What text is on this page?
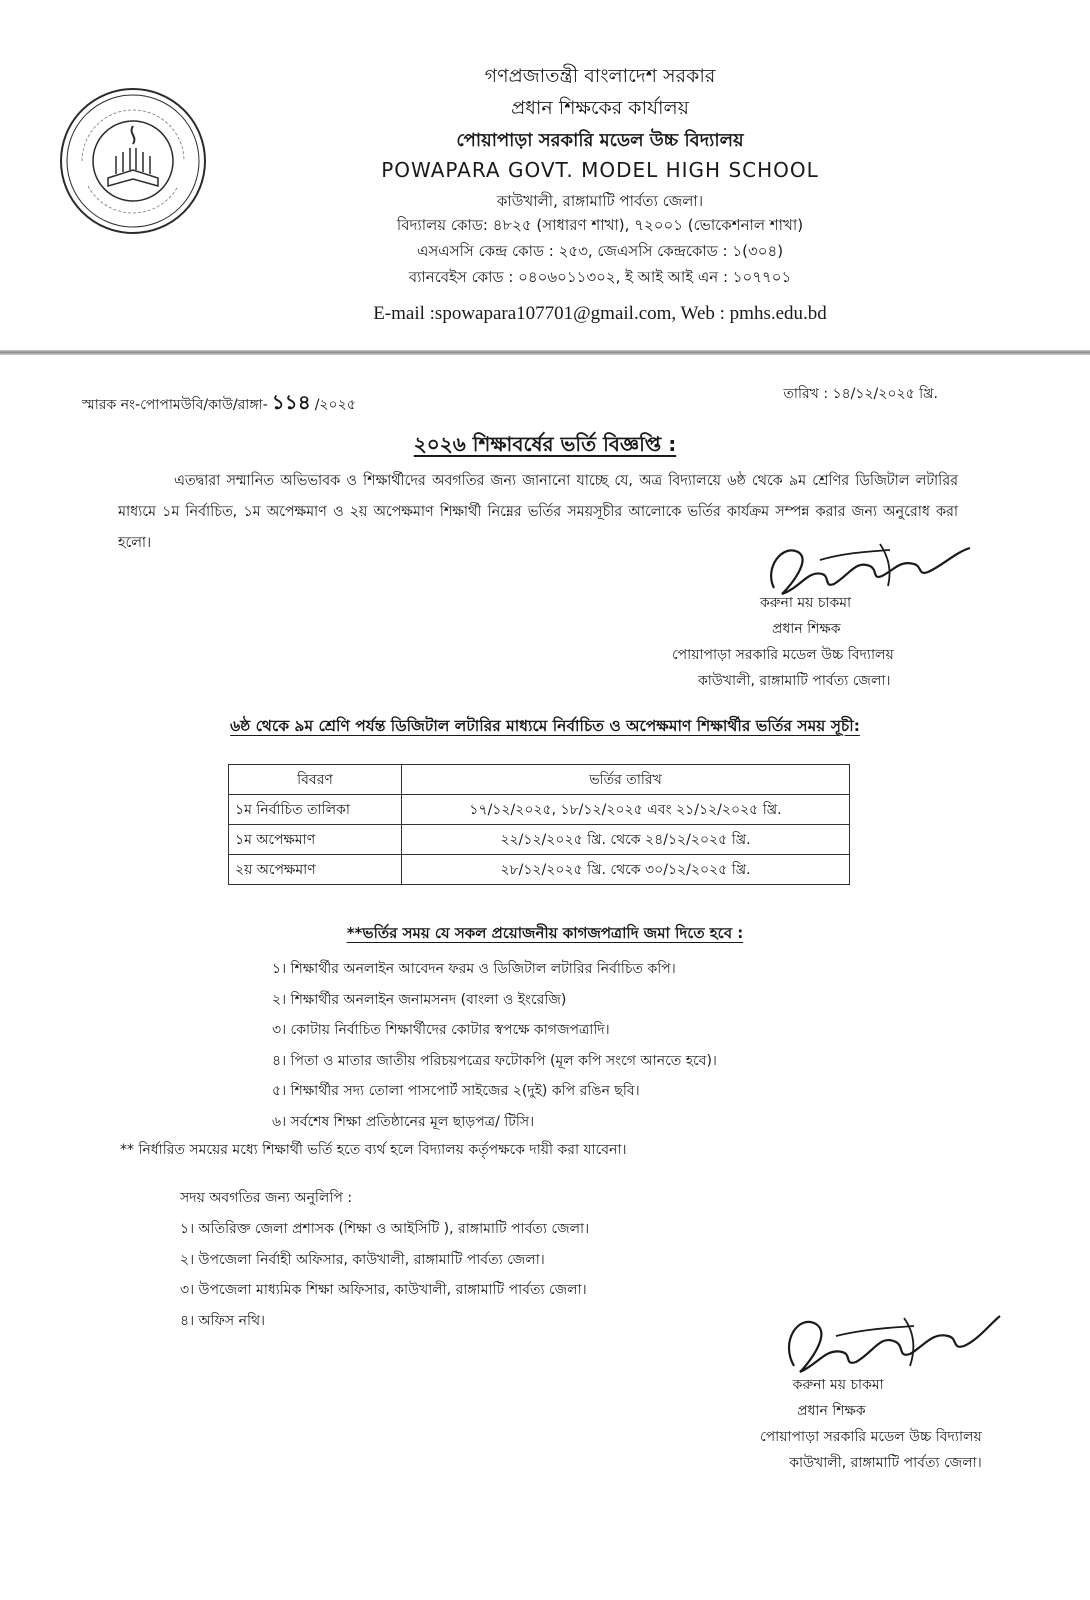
গণপ্রজাতন্ত্রী বাংলাদেশ সরকার
প্রধান শিক্ষকের কার্যালয়
পোয়াপাড়া সরকারি মডেল উচ্চ বিদ্যালয়
POWAPARA GOVT. MODEL HIGH SCHOOL
কাউখালী, রাঙ্গামাটি পার্বত্য জেলা।
বিদ্যালয় কোড: ৪৮২৫ (সাধারণ শাখা), ৭২০০১ (ভোকেশনাল শাখা)
এসএসসি কেন্দ্র কোড : ২৫৩, জেএসসি কেন্দ্রকোড : ১(৩০৪)
ব্যানবেইস কোড : ০৪০৬০১১৩০২, ই আই আই এন : ১০৭৭০১
E-mail :spowapara107701@gmail.com, Web : pmhs.edu.bd
স্মারক নং-পোপামউবি/কাউ/রাঙ্গা- ১১৪ /২০২৫
তারিখ : ১৪/১২/২০২৫ খ্রি.
২০২৬ শিক্ষাবর্ষের ভর্তি বিজ্ঞপ্তি :
এতদ্বারা সম্মানিত অভিভাবক ও শিক্ষার্থীদের অবগতির জন্য জানানো যাচ্ছে যে, অত্র বিদ্যালয়ে ৬ষ্ঠ থেকে ৯ম শ্রেণির ডিজিটাল লটারির মাধ্যমে ১ম নির্বাচিত, ১ম অপেক্ষমাণ ও ২য় অপেক্ষমাণ শিক্ষার্থী নিম্নের ভর্তির সময়সূচীর আলোকে ভর্তির কার্যক্রম সম্পন্ন করার জন্য অনুরোধ করা হলো।
করুনা ময় চাকমা
প্রধান শিক্ষক
পোয়াপাড়া সরকারি মডেল উচ্চ বিদ্যালয়
কাউখালী, রাঙ্গামাটি পার্বত্য জেলা।
৬ষ্ঠ থেকে ৯ম শ্রেণি পর্যন্ত ডিজিটাল লটারির মাধ্যমে নির্বাচিত ও অপেক্ষমাণ শিক্ষার্থীর ভর্তির সময় সূচী:
বিবরণ	ভর্তির তারিখ
১ম নির্বাচিত তালিকা	১৭/১২/২০২৫, ১৮/১২/২০২৫ এবং ২১/১২/২০২৫ খ্রি.
১ম অপেক্ষমাণ	২২/১২/২০২৫ খ্রি. থেকে ২৪/১২/২০২৫ খ্রি.
২য় অপেক্ষমাণ	২৮/১২/২০২৫ খ্রি. থেকে ৩০/১২/২০২৫ খ্রি.
**ভর্তির সময় যে সকল প্রয়োজনীয় কাগজপত্রাদি জমা দিতে হবে :
১। শিক্ষার্থীর অনলাইন আবেদন ফরম ও ডিজিটাল লটারির নির্বাচিত কপি।
২। শিক্ষার্থীর অনলাইন জনামসনদ (বাংলা ও ইংরেজি)
৩। কোটায় নির্বাচিত শিক্ষার্থীদের কোটার স্বপক্ষে কাগজপত্রাদি।
৪। পিতা ও মাতার জাতীয় পরিচয়পত্রের ফটোকপি (মূল কপি সংগে আনতে হবে)।
৫। শিক্ষার্থীর সদ্য তোলা পাসপোর্ট সাইজের ২(দুই) কপি রঙিন ছবি।
৬। সর্বশেষ শিক্ষা প্রতিষ্ঠানের মূল ছাড়পত্র/ টিসি।
** নির্ধারিত সময়ের মধ্যে শিক্ষার্থী ভর্তি হতে ব্যর্থ হলে বিদ্যালয় কর্তৃপক্ষকে দায়ী করা যাবেনা।
সদয় অবগতির জন্য অনুলিপি :
১। অতিরিক্ত জেলা প্রশাসক (শিক্ষা ও আইসিটি ), রাঙ্গামাটি পার্বত্য জেলা।
২। উপজেলা নির্বাহী অফিসার, কাউখালী, রাঙ্গামাটি পার্বত্য জেলা।
৩। উপজেলা মাধ্যমিক শিক্ষা অফিসার, কাউখালী, রাঙ্গামাটি পার্বত্য জেলা।
৪। অফিস নথি।
করুনা ময় চাকমা
প্রধান শিক্ষক
পোয়াপাড়া সরকারি মডেল উচ্চ বিদ্যালয়
কাউখালী, রাঙ্গামাটি পার্বত্য জেলা।
